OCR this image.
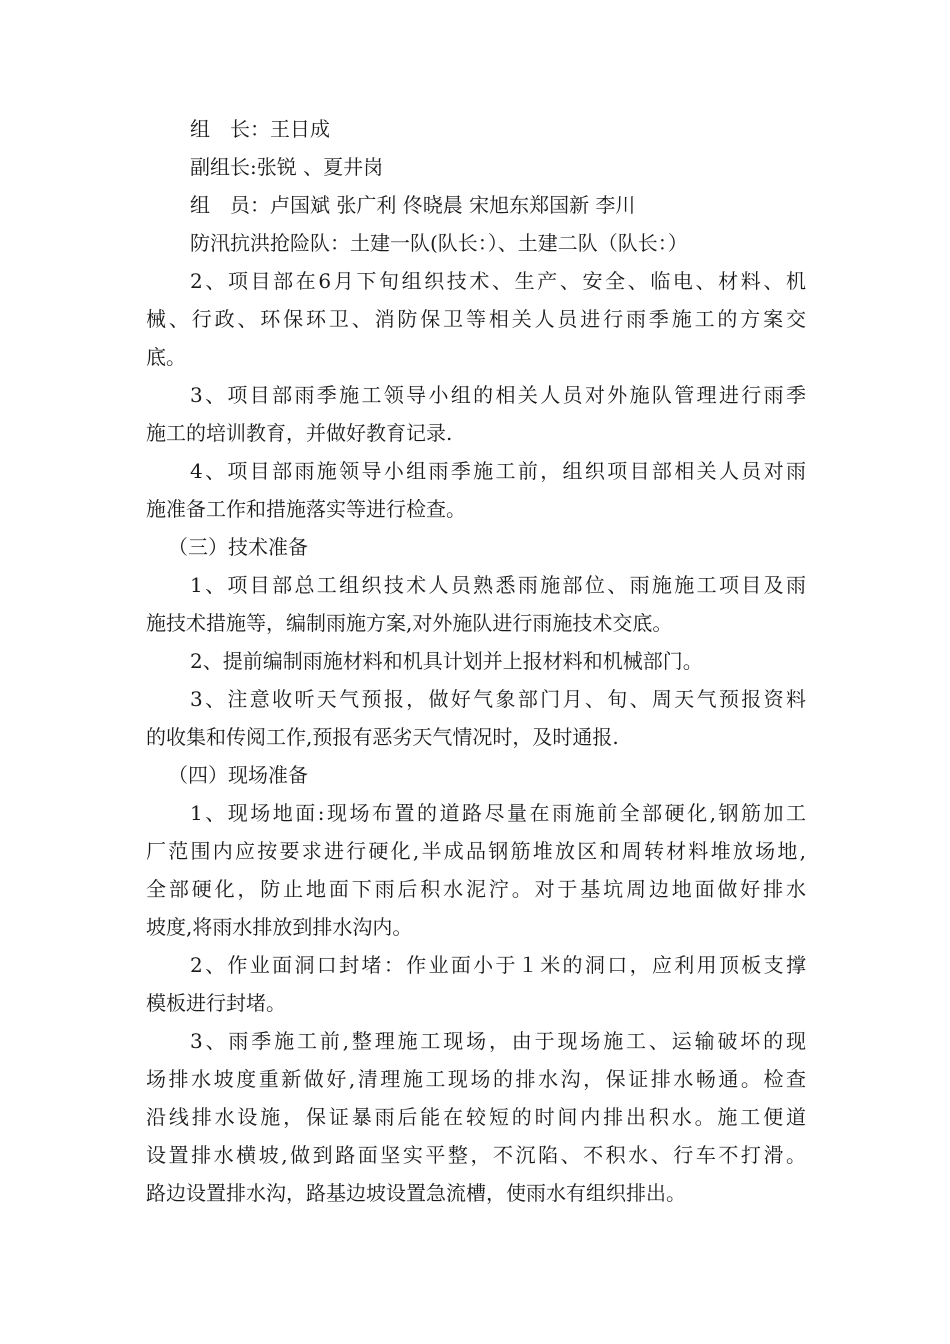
组　长：王日成
副组长:张锐 、夏井岗
组　员：卢国斌 张广利 佟晓晨 宋旭东郑国新 李川
防汛抗洪抢险队：土建一队(队长：）、土建二队（队长：）
2、项目部在6月下旬组织技术、生产、安全、临电、材料、机
械、行政、环保环卫、消防保卫等相关人员进行雨季施工的方案交
底。
3、项目部雨季施工领导小组的相关人员对外施队管理进行雨季
施工的培训教育，并做好教育记录.
4、项目部雨施领导小组雨季施工前，组织项目部相关人员对雨
施准备工作和措施落实等进行检查。
（三）技术准备
1、项目部总工组织技术人员熟悉雨施部位、雨施施工项目及雨
施技术措施等，编制雨施方案,对外施队进行雨施技术交底。
2、提前编制雨施材料和机具计划并上报材料和机械部门。
3、注意收听天气预报，做好气象部门月、旬、周天气预报资料
的收集和传阅工作,预报有恶劣天气情况时，及时通报.
（四）现场准备
1、现场地面:现场布置的道路尽量在雨施前全部硬化,钢筋加工
厂范围内应按要求进行硬化,半成品钢筋堆放区和周转材料堆放场地,
全部硬化，防止地面下雨后积水泥泞。对于基坑周边地面做好排水
坡度,将雨水排放到排水沟内。
2、作业面洞口封堵：作业面小于１米的洞口，应利用顶板支撑
模板进行封堵。
3、雨季施工前,整理施工现场，由于现场施工、运输破坏的现
场排水坡度重新做好,清理施工现场的排水沟，保证排水畅通。检查
沿线排水设施，保证暴雨后能在较短的时间内排出积水。施工便道
设置排水横坡,做到路面坚实平整，不沉陷、不积水、行车不打滑。
路边设置排水沟，路基边坡设置急流槽，使雨水有组织排出。
